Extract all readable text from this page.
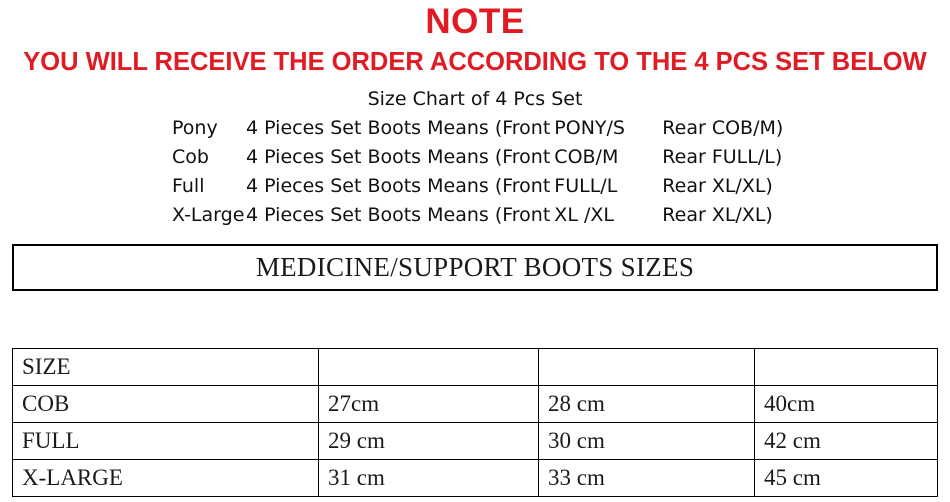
NOTE
YOU WILL RECEIVE THE ORDER ACCORDING TO THE 4 PCS SET BELOW
Size Chart of 4 Pcs Set
Pony	4 Pieces Set Boots Means (Front PONY/S	Rear COB/M)
Cob	4 Pieces Set Boots Means (Front COB/M	Rear FULL/L)
Full	4 Pieces Set Boots Means (Front FULL/L	Rear XL/XL)
X-Large 4 Pieces Set Boots Means (Front XL /XL	Rear XL/XL)
MEDICINE/SUPPORT BOOTS SIZES
SIZE			
COB	27cm	28 cm	40cm
FULL	29 cm	30 cm	42 cm
X-LARGE	31 cm	33 cm	45 cm
